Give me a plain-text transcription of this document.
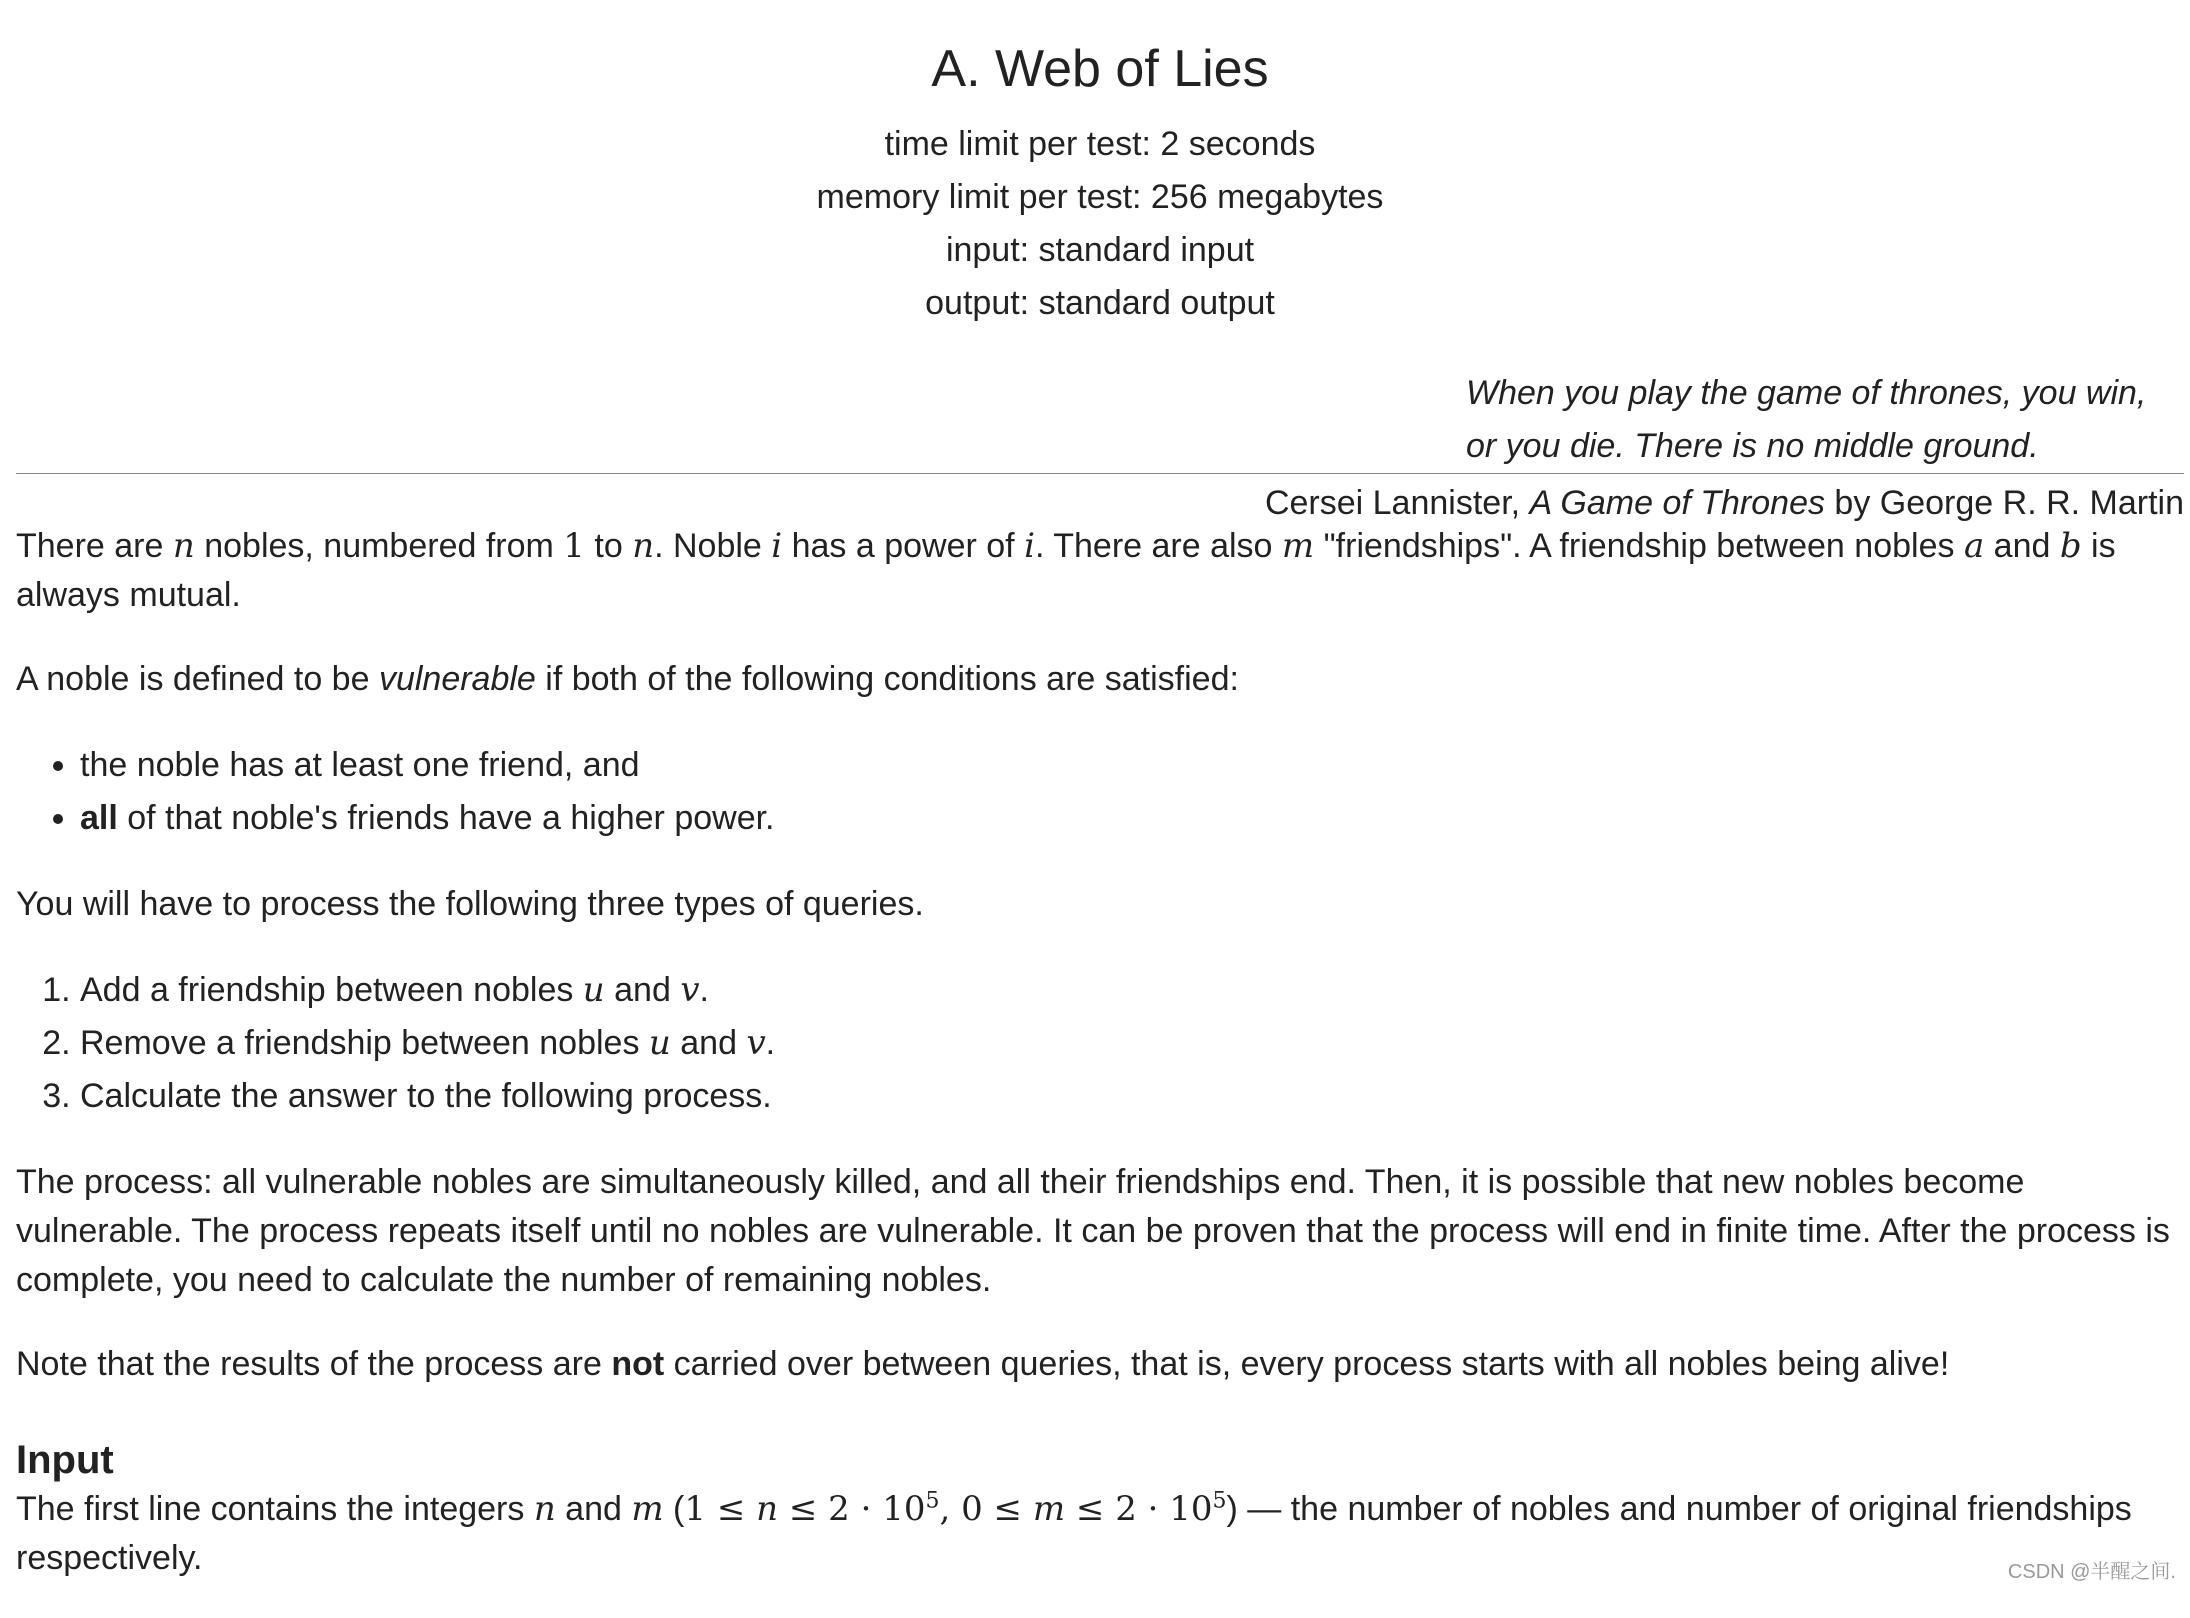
A. Web of Lies
time limit per test: 2 seconds
memory limit per test: 256 megabytes
input: standard input
output: standard output
When you play the game of thrones, you win,
or you die. There is no middle ground.
Cersei Lannister, A Game of Thrones by George R. R. Martin

There are n nobles, numbered from 1 to n. Noble i has a power of i. There are also m "friendships". A friendship between nobles a and b is always mutual.

A noble is defined to be vulnerable if both of the following conditions are satisfied:

• the noble has at least one friend, and
• all of that noble's friends have a higher power.

You will have to process the following three types of queries.

1. Add a friendship between nobles u and v.
2. Remove a friendship between nobles u and v.
3. Calculate the answer to the following process.

The process: all vulnerable nobles are simultaneously killed, and all their friendships end. Then, it is possible that new nobles become vulnerable. The process repeats itself until no nobles are vulnerable. It can be proven that the process will end in finite time. After the process is complete, you need to calculate the number of remaining nobles.

Note that the results of the process are not carried over between queries, that is, every process starts with all nobles being alive!

Input

The first line contains the integers n and m ($1 \le n \le 2 \cdot 10^5$, $0 \le m \le 2 \cdot 10^5$) — the number of nobles and number of original friendships respectively.	CSDN @半醒之间.
